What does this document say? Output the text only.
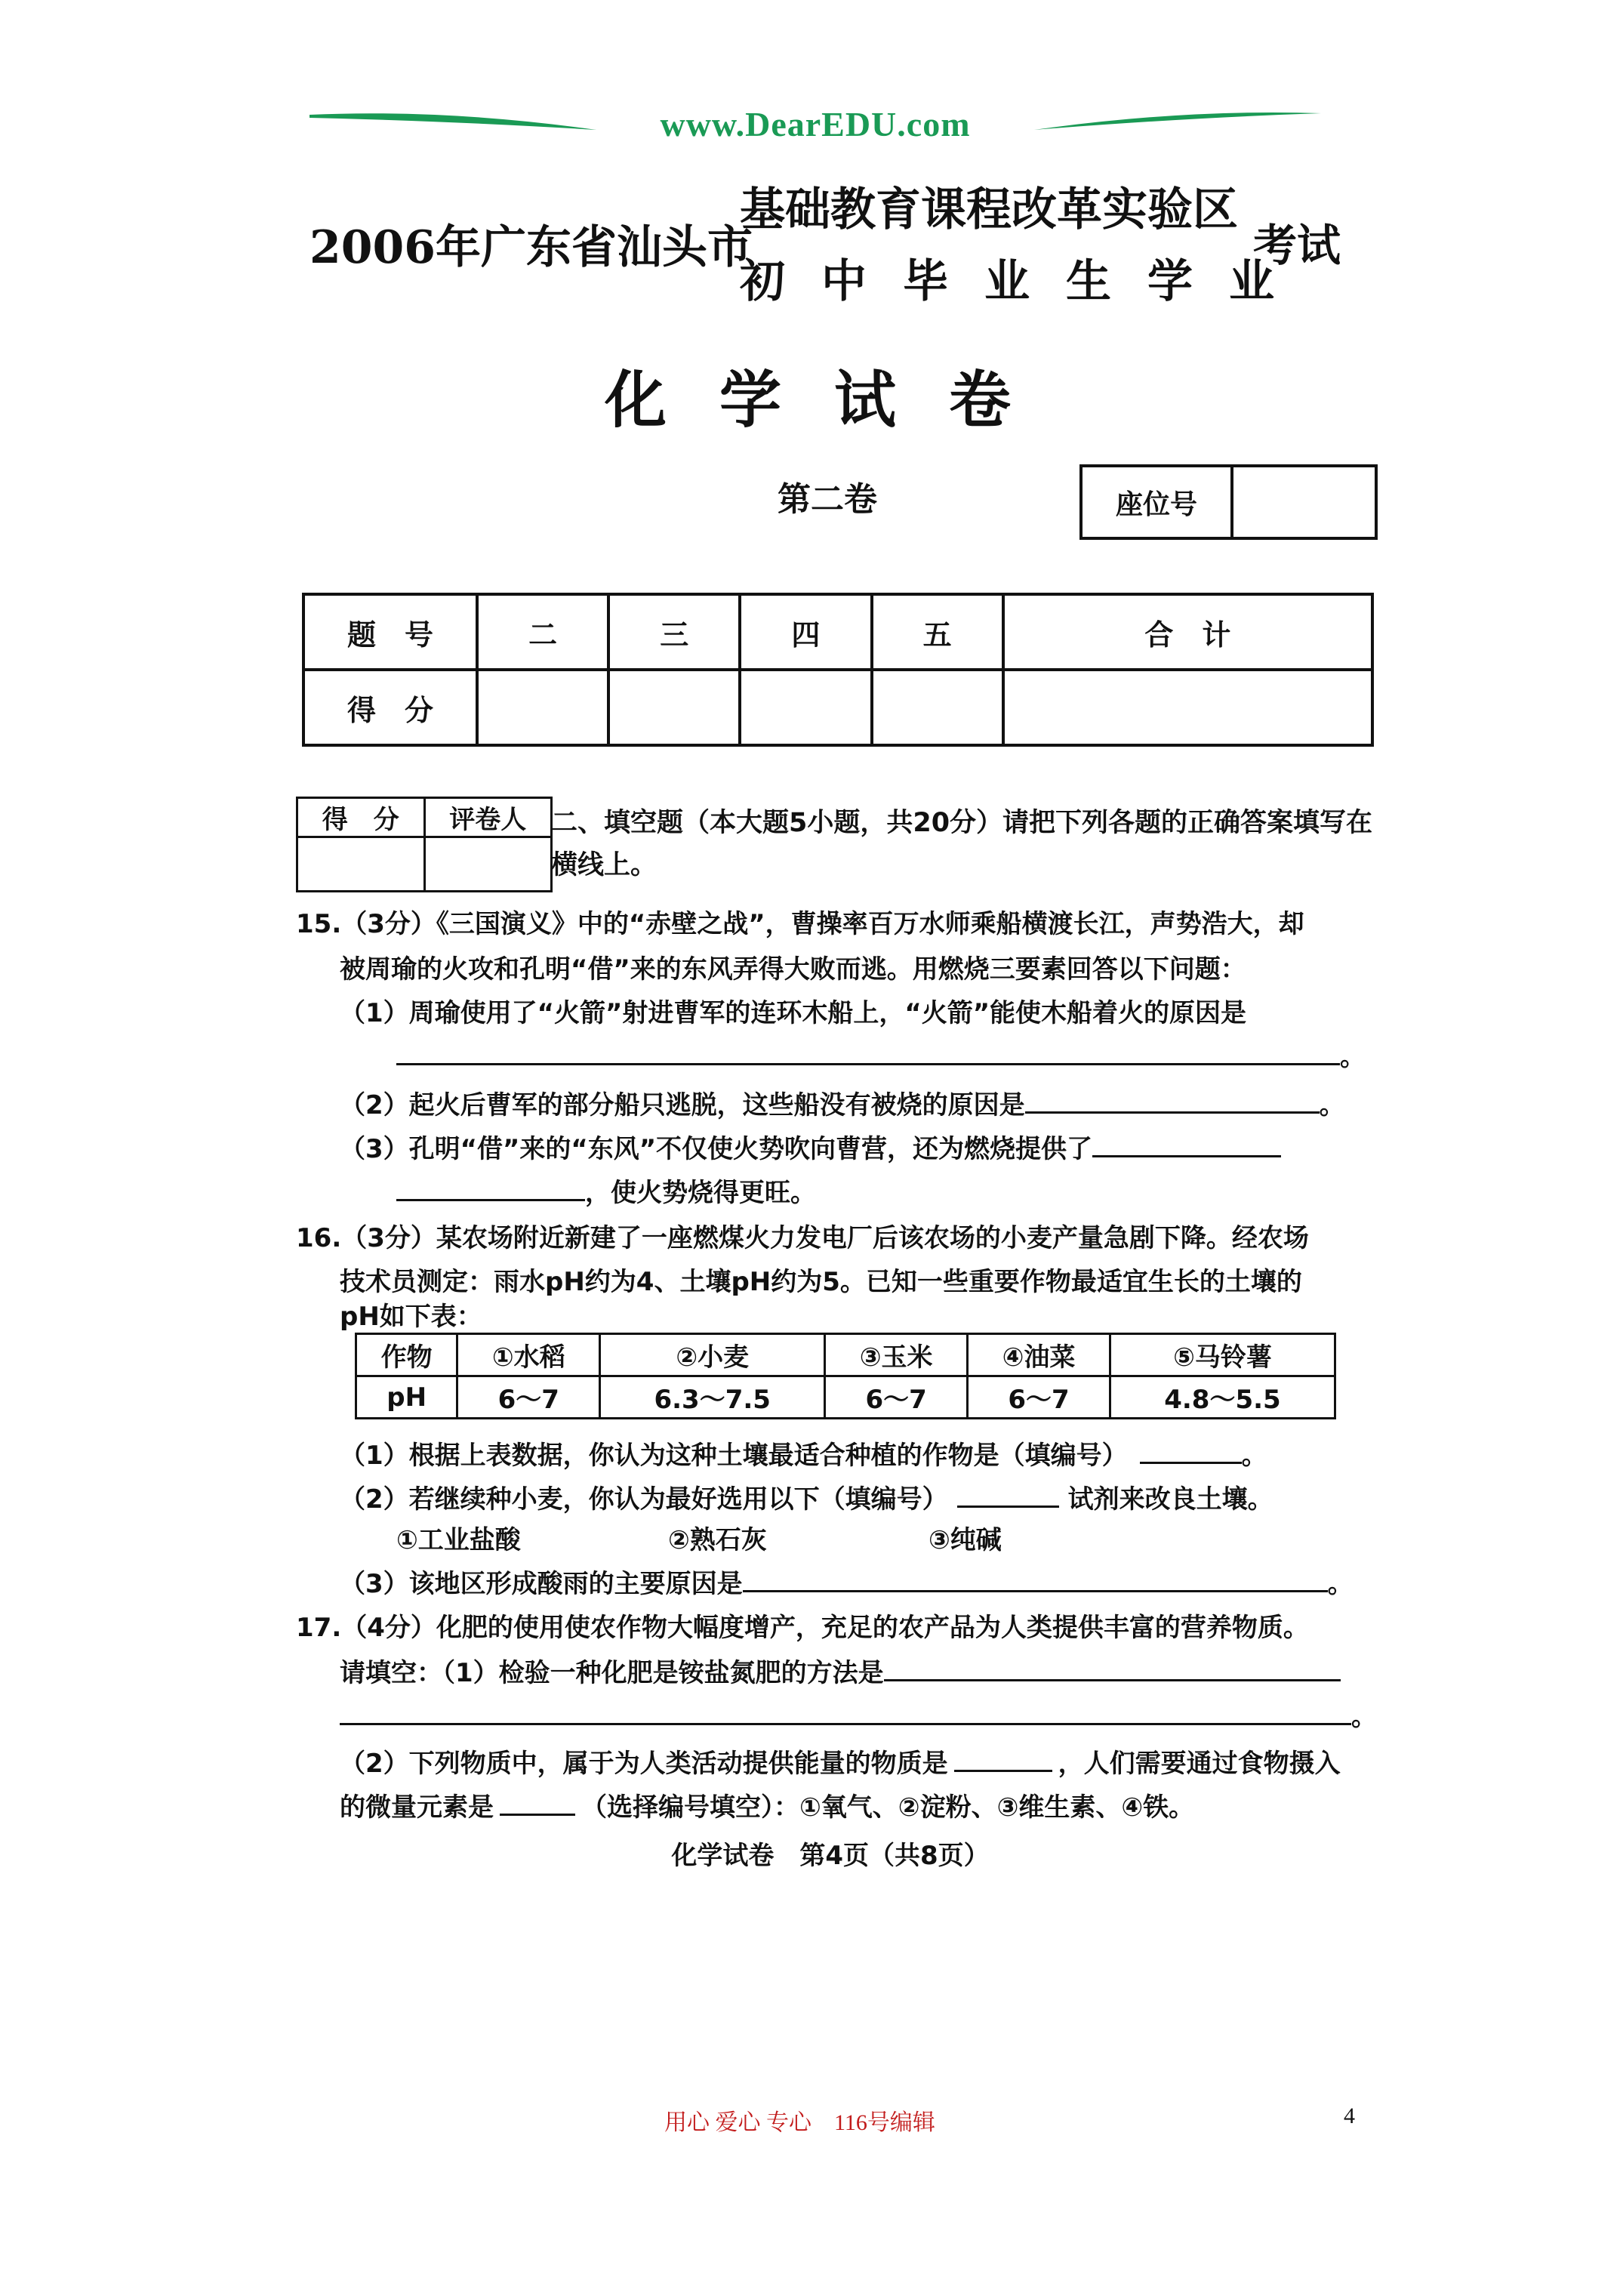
www.DearEDU.com
2006年广东省汕头市
基础教育课程改革实验区
初中毕业生学业
考试
化学试卷
第二卷	座位号
题　号	二	三	四	五	合　计
得　分					
得　分	评卷人
	二、填空题（本大题5小题，共20分）请把下列各题的正确答案填写在横线上。
15.（3分）《三国演义》中的“赤壁之战”，曹操率百万水师乘船横渡长江，声势浩大，却
被周瑜的火攻和孔明“借”来的东风弄得大败而逃。用燃烧三要素回答以下问题：
（1）周瑜使用了“火箭”射进曹军的连环木船上，“火箭”能使木船着火的原因是
。
（2）起火后曹军的部分船只逃脱，这些船没有被烧的原因是	。
（3）孔明“借”来的“东风”不仅使火势吹向曹营，还为燃烧提供了
，使火势烧得更旺。
16.（3分）某农场附近新建了一座燃煤火力发电厂后该农场的小麦产量急剧下降。经农场
技术员测定：雨水pH约为4、土壤pH约为5。已知一些重要作物最适宜生长的土壤的
pH如下表：
作物	①水稻	②小麦	③玉米	④油菜	⑤马铃薯
pH	6～7	6.3～7.5	6～7	6～7	4.8～5.5
（1）根据上表数据，你认为这种土壤最适合种植的作物是（填编号）	。
（2）若继续种小麦，你认为最好选用以下（填编号）	试剂来改良土壤。
①工业盐酸	②熟石灰	③纯碱
（3）该地区形成酸雨的主要原因是	。
17.（4分）化肥的使用使农作物大幅度增产，充足的农产品为人类提供丰富的营养物质。
请填空：（1）检验一种化肥是铵盐氮肥的方法是
。
（2）下列物质中，属于为人类活动提供能量的物质是	，人们需要通过食物摄入
的微量元素是	（选择编号填空）：①氧气、②淀粉、③维生素、④铁。
化学试卷　第4页（共8页）
用心 爱心 专心　116号编辑	4
